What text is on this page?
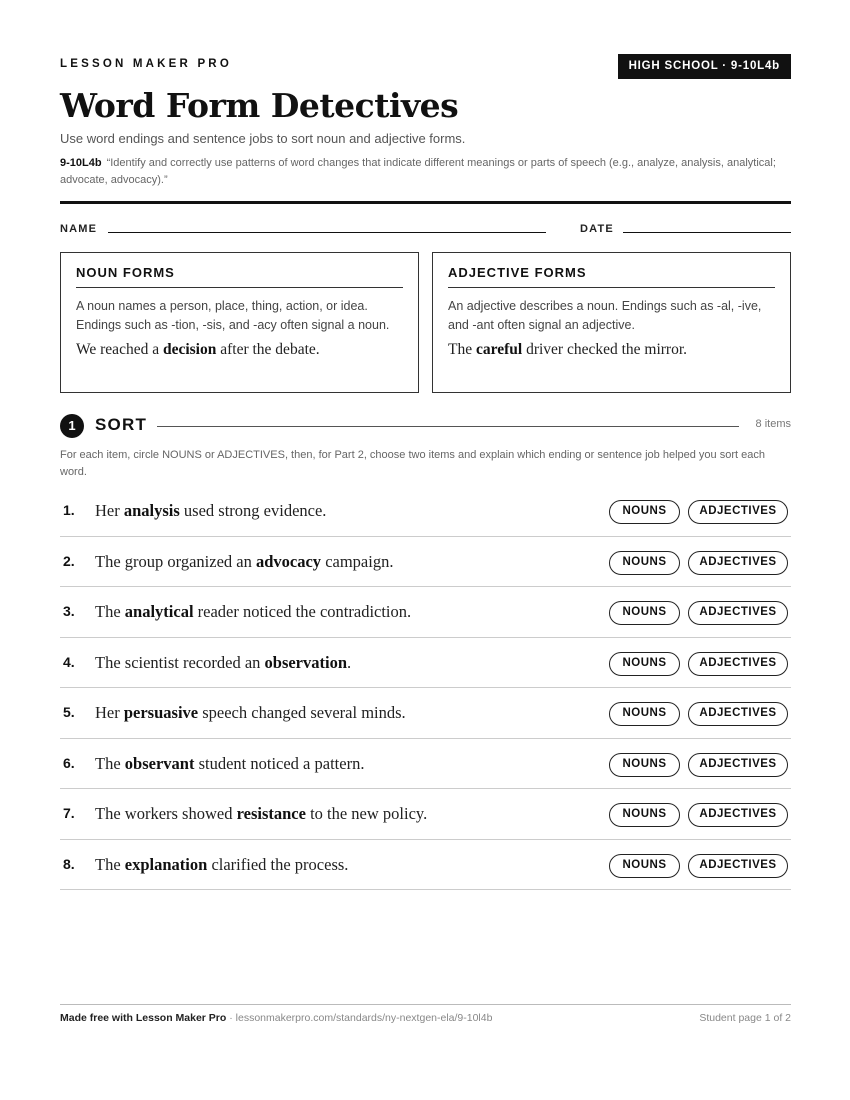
LESSON MAKER PRO	HIGH SCHOOL · 9-10L4b
Word Form Detectives
Use word endings and sentence jobs to sort noun and adjective forms.
9-10L4b “Identify and correctly use patterns of word changes that indicate different meanings or parts of speech (e.g., analyze, analysis, analytical; advocate, advocacy).”
NAME	DATE
NOUN FORMS
A noun names a person, place, thing, action, or idea. Endings such as -tion, -sis, and -acy often signal a noun.
We reached a decision after the debate.
ADJECTIVE FORMS
An adjective describes a noun. Endings such as -al, -ive, and -ant often signal an adjective.
The careful driver checked the mirror.
1	SORT	8 items
For each item, circle NOUNS or ADJECTIVES, then, for Part 2, choose two items and explain which ending or sentence job helped you sort each word.
1. Her analysis used strong evidence.	NOUNS	ADJECTIVES
2. The group organized an advocacy campaign.	NOUNS	ADJECTIVES
3. The analytical reader noticed the contradiction.	NOUNS	ADJECTIVES
4. The scientist recorded an observation.	NOUNS	ADJECTIVES
5. Her persuasive speech changed several minds.	NOUNS	ADJECTIVES
6. The observant student noticed a pattern.	NOUNS	ADJECTIVES
7. The workers showed resistance to the new policy.	NOUNS	ADJECTIVES
8. The explanation clarified the process.	NOUNS	ADJECTIVES
Made free with Lesson Maker Pro · lessonmakerpro.com/standards/ny-nextgen-ela/9-10l4b	Student page 1 of 2
